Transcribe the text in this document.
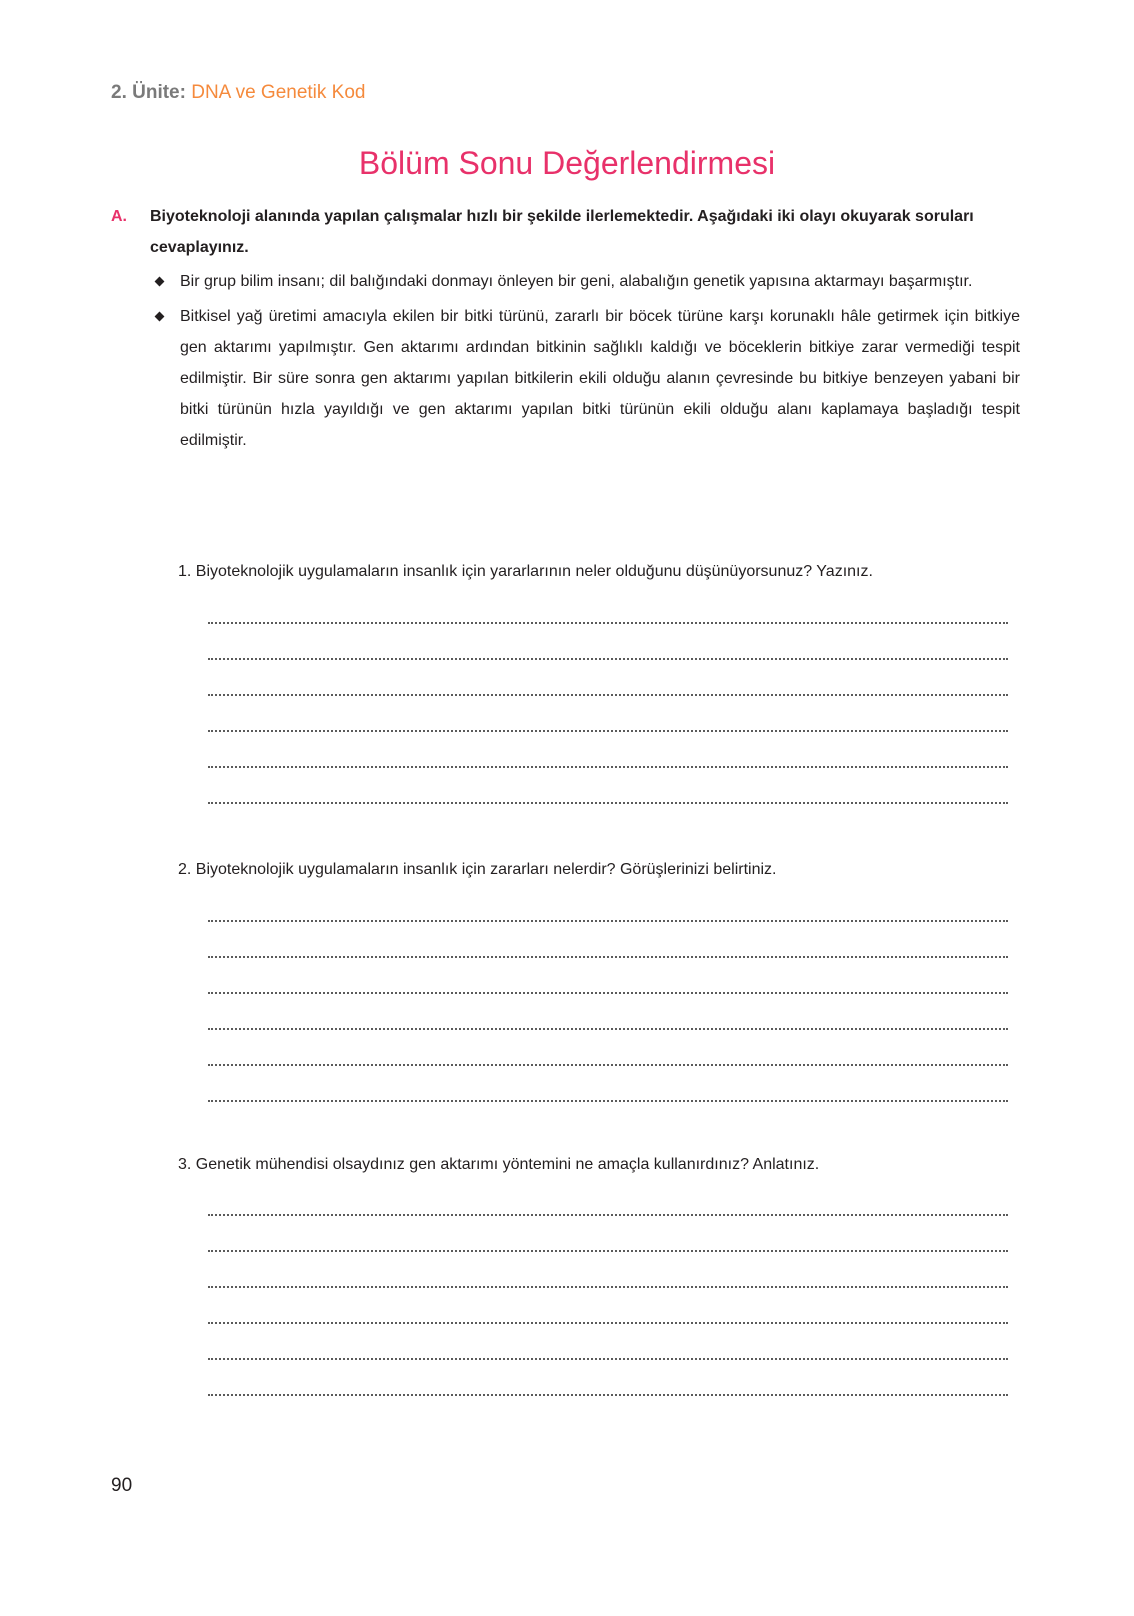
2. Ünite: DNA ve Genetik Kod
Bölüm Sonu Değerlendirmesi
A. Biyoteknoloji alanında yapılan çalışmalar hızlı bir şekilde ilerlemektedir. Aşağıdaki iki olayı okuyarak soruları cevaplayınız.
Bir grup bilim insanı; dil balığındaki donmayı önleyen bir geni, alabalığın genetik yapısına aktarmayı başarmıştır.
Bitkisel yağ üretimi amacıyla ekilen bir bitki türünü, zararlı bir böcek türüne karşı korunaklı hâle getirmek için bitkiye gen aktarımı yapılmıştır. Gen aktarımı ardından bitkinin sağlıklı kaldığı ve böceklerin bitkiye zarar vermediği tespit edilmiştir. Bir süre sonra gen aktarımı yapılan bitkilerin ekili olduğu alanın çevresinde bu bitkiye benzeyen yabani bir bitki türünün hızla yayıldığı ve gen aktarımı yapılan bitki türünün ekili olduğu alanı kaplamaya başladığı tespit edilmiştir.
1. Biyoteknolojik uygulamaların insanlık için yararlarının neler olduğunu düşünüyorsunuz? Yazınız.
2. Biyoteknolojik uygulamaların insanlık için zararları nelerdir? Görüşlerinizi belirtiniz.
3. Genetik mühendisi olsaydınız gen aktarımı yöntemini ne amaçla kullanırdınız? Anlatınız.
90
